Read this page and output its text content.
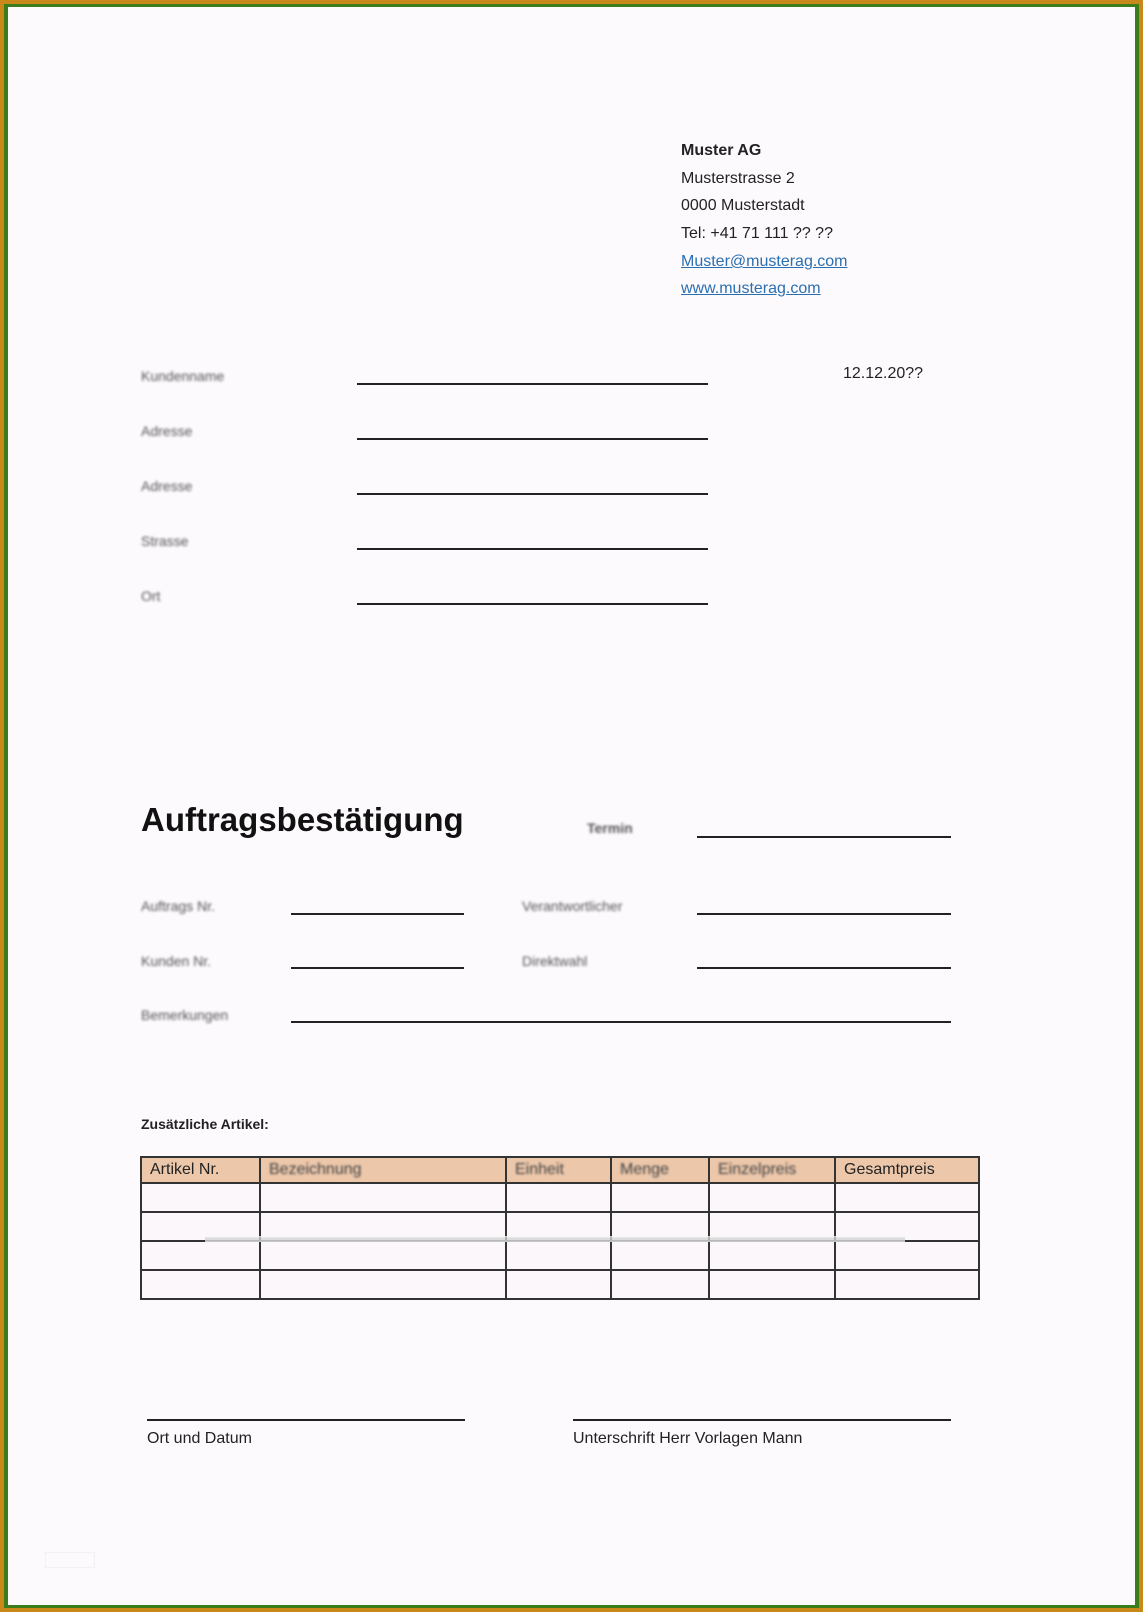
Muster AG
Musterstrasse 2
0000 Musterstadt
Tel: +41 71 111 ?? ??
Muster@musterag.com
www.musterag.com
12.12.20??
Kundenname
Adresse
Adresse
Strasse
Ort
Auftragsbestätigung	Termin
Auftrags Nr.	Verantwortlicher
Kunden Nr.	Direktwahl
Bemerkungen
Zusätzliche Artikel:
Artikel Nr.	Bezeichnung	Einheit	Menge	Einzelpreis	Gesamtpreis

Ort und Datum	Unterschrift Herr Vorlagen Mann
